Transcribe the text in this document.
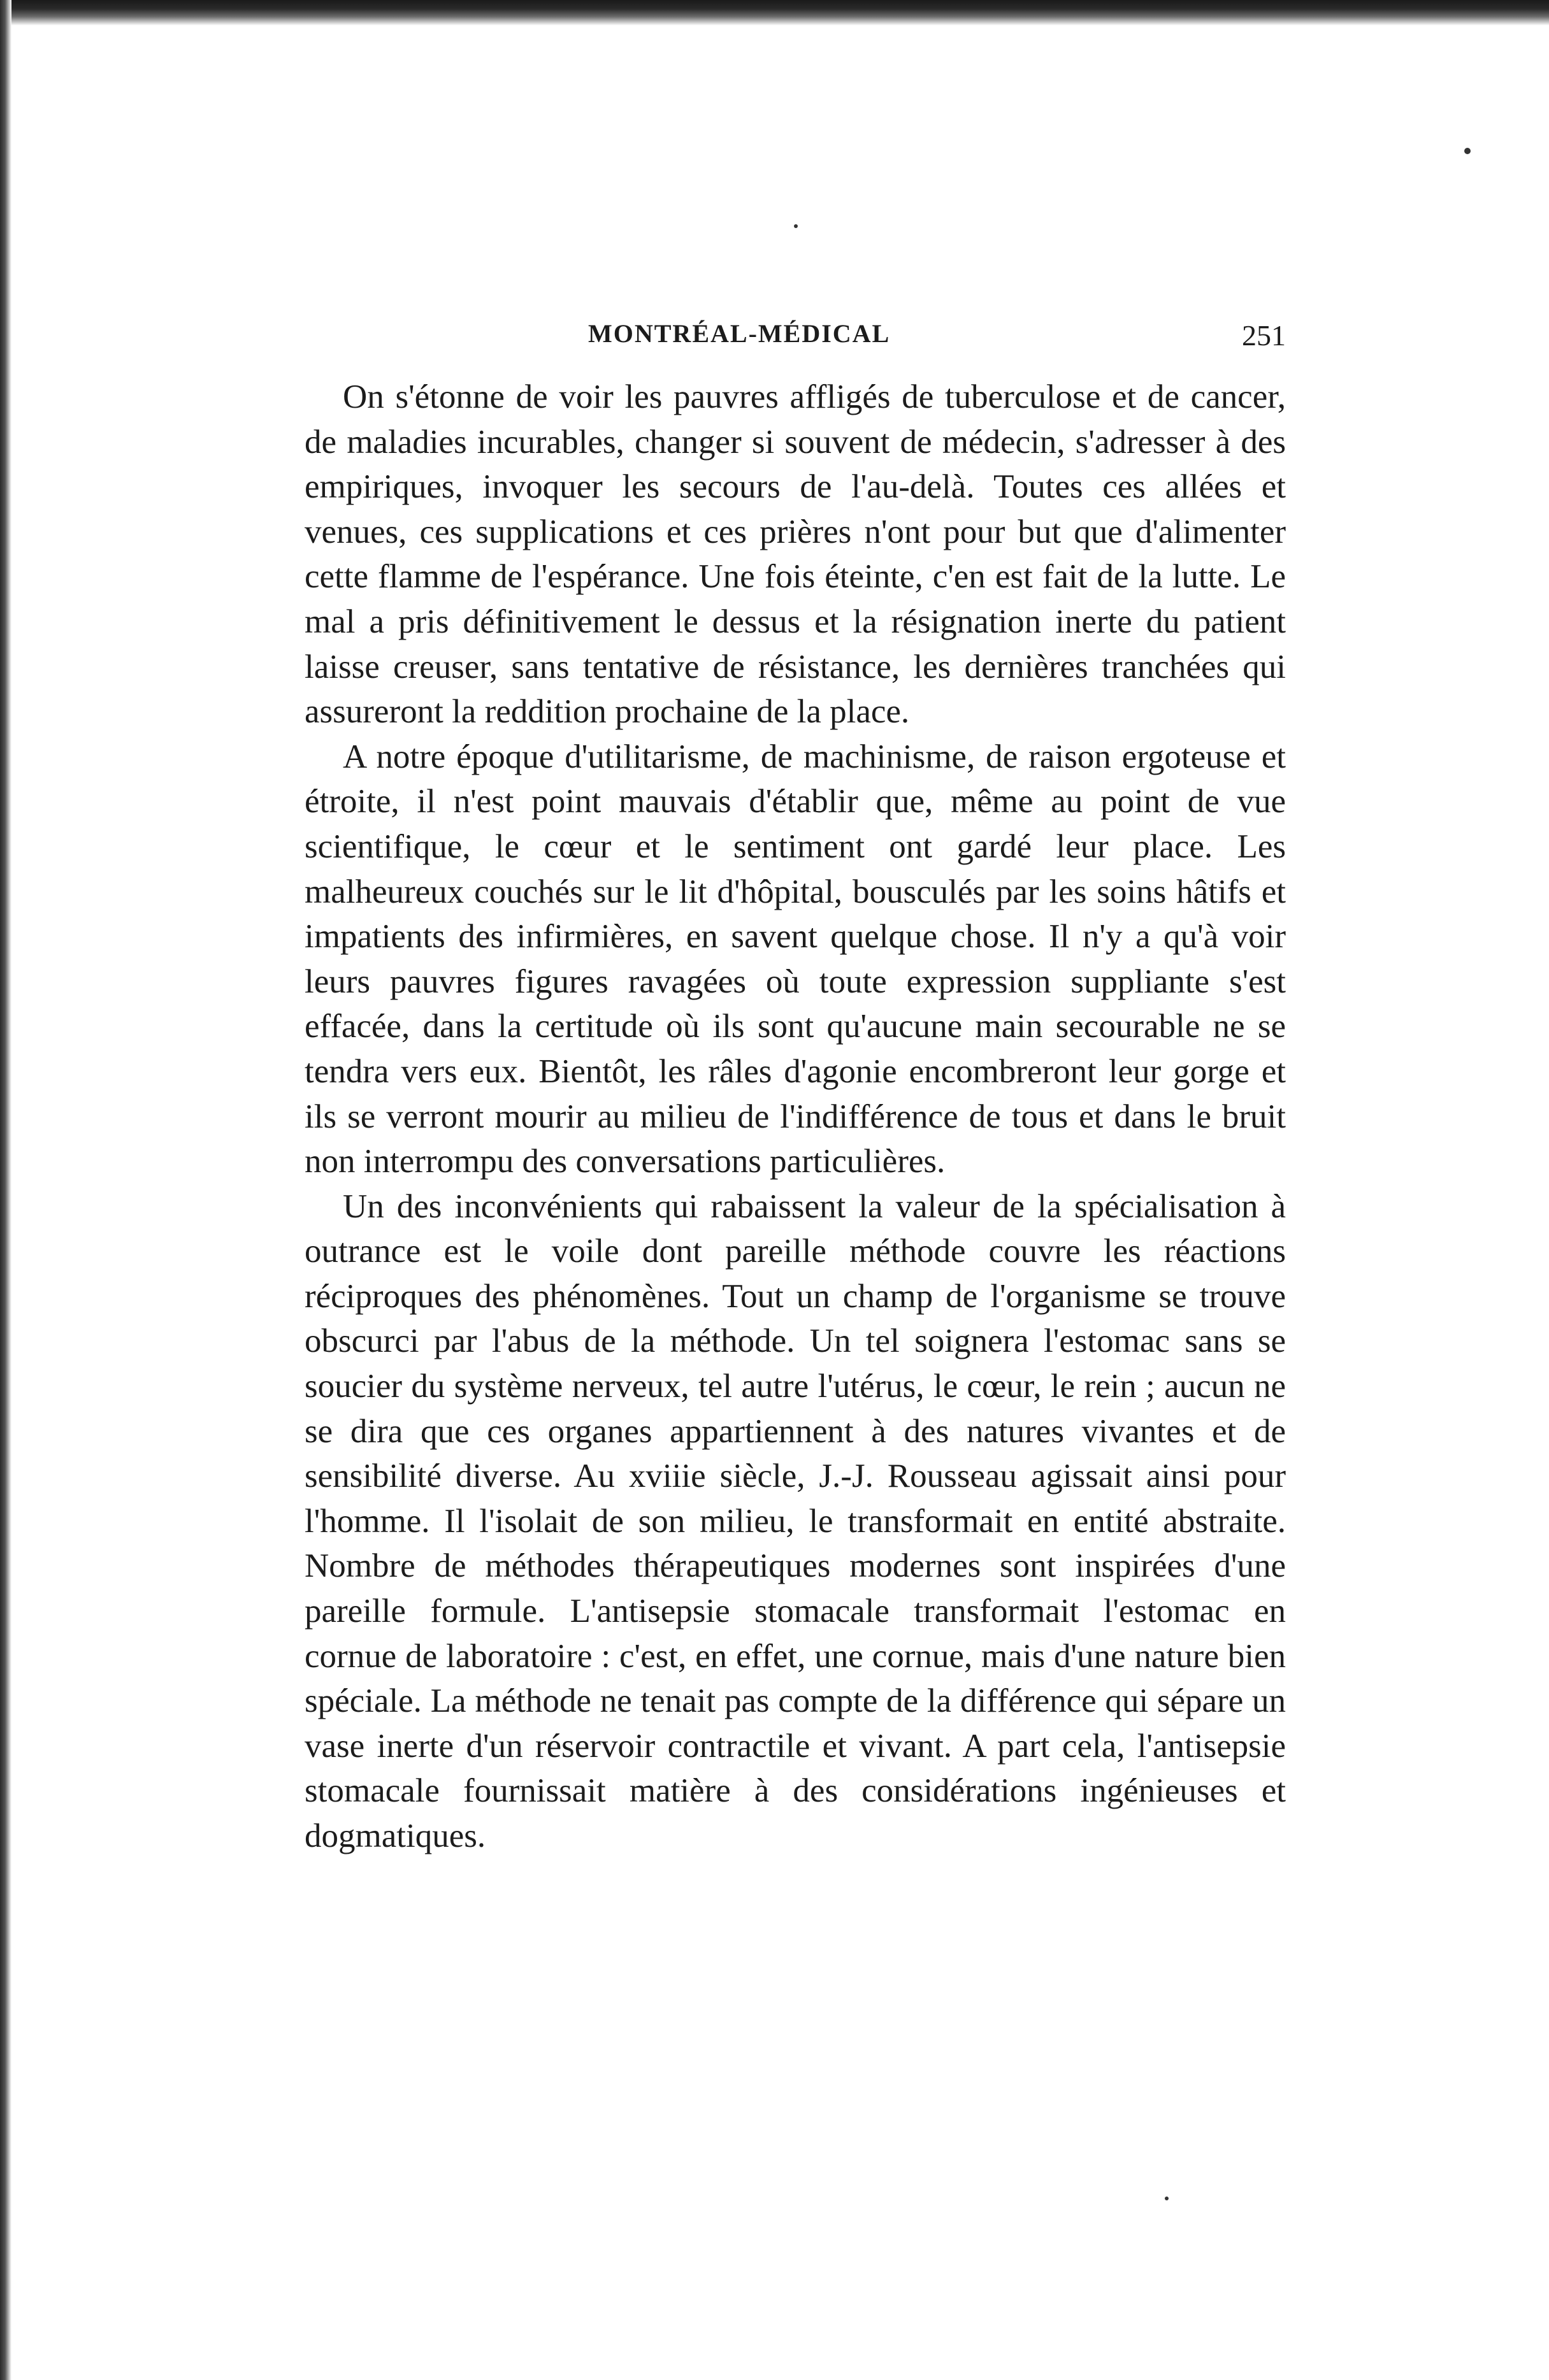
MONTRÉAL-MÉDICAL	251

On s'étonne de voir les pauvres affligés de tuberculose et de cancer, de maladies incurables, changer si souvent de médecin, s'adresser à des empiriques, invoquer les secours de l'au-delà. Toutes ces allées et venues, ces supplications et ces prières n'ont pour but que d'alimenter cette flamme de l'espérance. Une fois éteinte, c'en est fait de la lutte. Le mal a pris définitivement le dessus et la résignation inerte du patient laisse creuser, sans tentative de résistance, les dernières tranchées qui assureront la reddition prochaine de la place.

A notre époque d'utilitarisme, de machinisme, de raison ergoteuse et étroite, il n'est point mauvais d'établir que, même au point de vue scientifique, le cœur et le sentiment ont gardé leur place. Les malheureux couchés sur le lit d'hôpital, bousculés par les soins hâtifs et impatients des infirmières, en savent quelque chose. Il n'y a qu'à voir leurs pauvres figures ravagées où toute expression suppliante s'est effacée, dans la certitude où ils sont qu'aucune main secourable ne se tendra vers eux. Bientôt, les râles d'agonie encombreront leur gorge et ils se verront mourir au milieu de l'indifférence de tous et dans le bruit non interrompu des conversations particulières.

Un des inconvénients qui rabaissent la valeur de la spécialisation à outrance est le voile dont pareille méthode couvre les réactions réciproques des phénomènes. Tout un champ de l'organisme se trouve obscurci par l'abus de la méthode. Un tel soignera l'estomac sans se soucier du système nerveux, tel autre l'utérus, le cœur, le rein ; aucun ne se dira que ces organes appartiennent à des natures vivantes et de sensibilité diverse. Au xviiie siècle, J.-J. Rousseau agissait ainsi pour l'homme. Il l'isolait de son milieu, le transformait en entité abstraite. Nombre de méthodes thérapeutiques modernes sont inspirées d'une pareille formule. L'antisepsie stomacale transformait l'estomac en cornue de laboratoire : c'est, en effet, une cornue, mais d'une nature bien spéciale. La méthode ne tenait pas compte de la différence qui sépare un vase inerte d'un réservoir contractile et vivant. A part cela, l'antisepsie stomacale fournissait matière à des considérations ingénieuses et dogmatiques.
